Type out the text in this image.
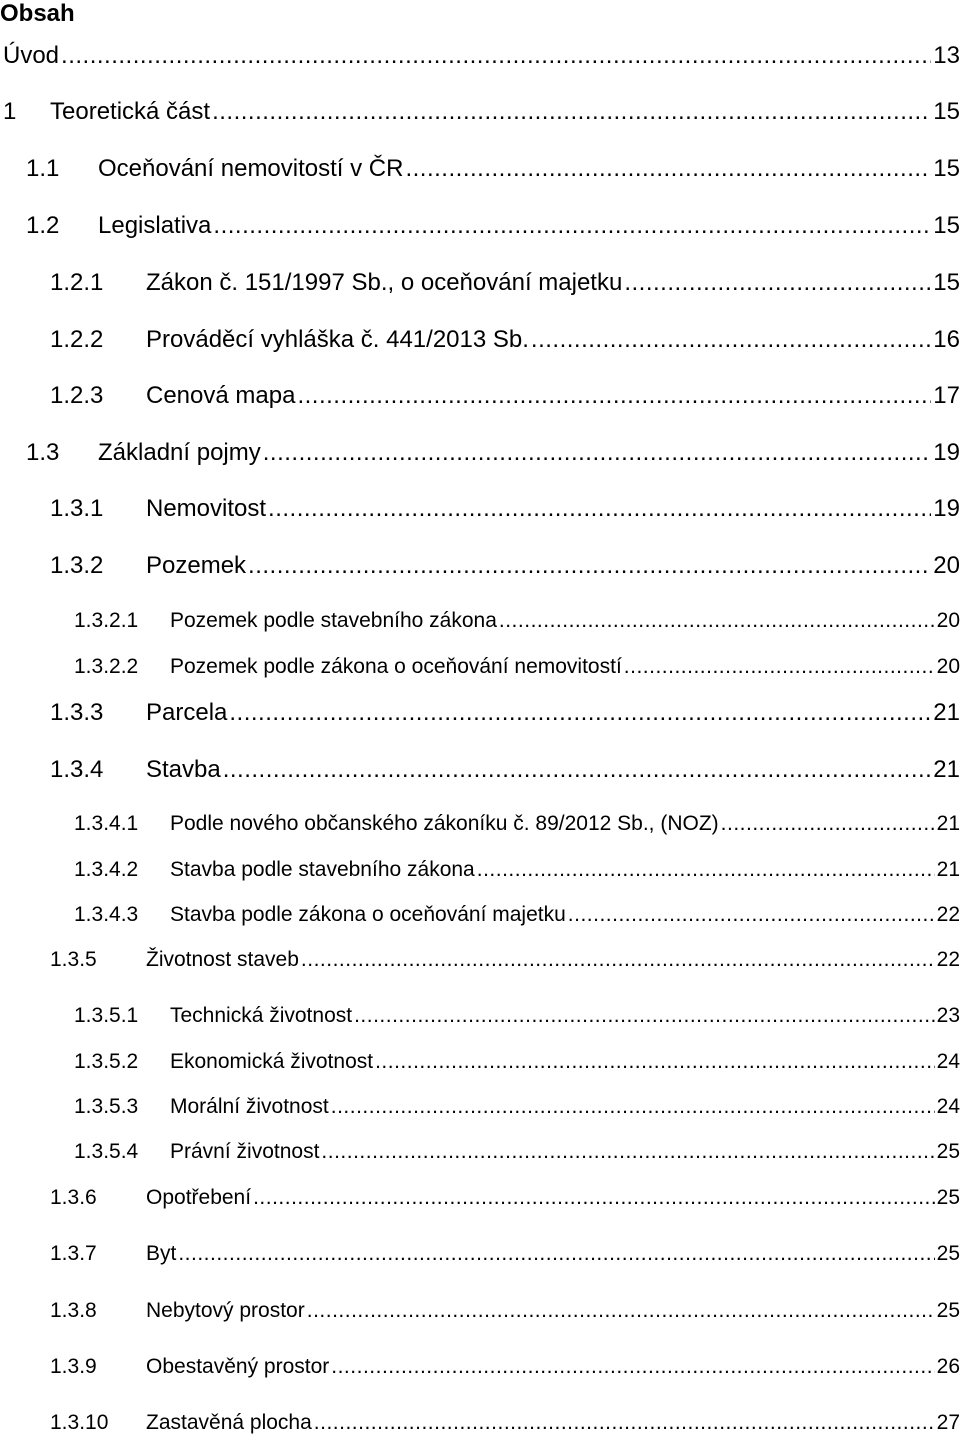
Obsah
Úvod .....	13
1	Teoretická část .....	15
1.1	Oceňování nemovitostí v ČR .....	15
1.2	Legislativa .....	15
1.2.1	Zákon č. 151/1997 Sb., o oceňování majetku .....	15
1.2.2	Prováděcí vyhláška č. 441/2013 Sb. .....	16
1.2.3	Cenová mapa .....	17
1.3	Základní pojmy .....	19
1.3.1	Nemovitost .....	19
1.3.2	Pozemek .....	20
1.3.2.1	Pozemek podle stavebního zákona .....	20
1.3.2.2	Pozemek podle zákona o oceňování nemovitostí .....	20
1.3.3	Parcela .....	21
1.3.4	Stavba .....	21
1.3.4.1	Podle nového občanského zákoníku č. 89/2012 Sb., (NOZ) .....	21
1.3.4.2	Stavba podle stavebního zákona .....	21
1.3.4.3	Stavba podle zákona o oceňování majetku .....	22
1.3.5	Životnost staveb .....	22
1.3.5.1	Technická životnost .....	23
1.3.5.2	Ekonomická životnost .....	24
1.3.5.3	Morální životnost .....	24
1.3.5.4	Právní životnost .....	25
1.3.6	Opotřebení .....	25
1.3.7	Byt .....	25
1.3.8	Nebytový prostor .....	25
1.3.9	Obestavěný prostor .....	26
1.3.10	Zastavěná plocha .....	27
